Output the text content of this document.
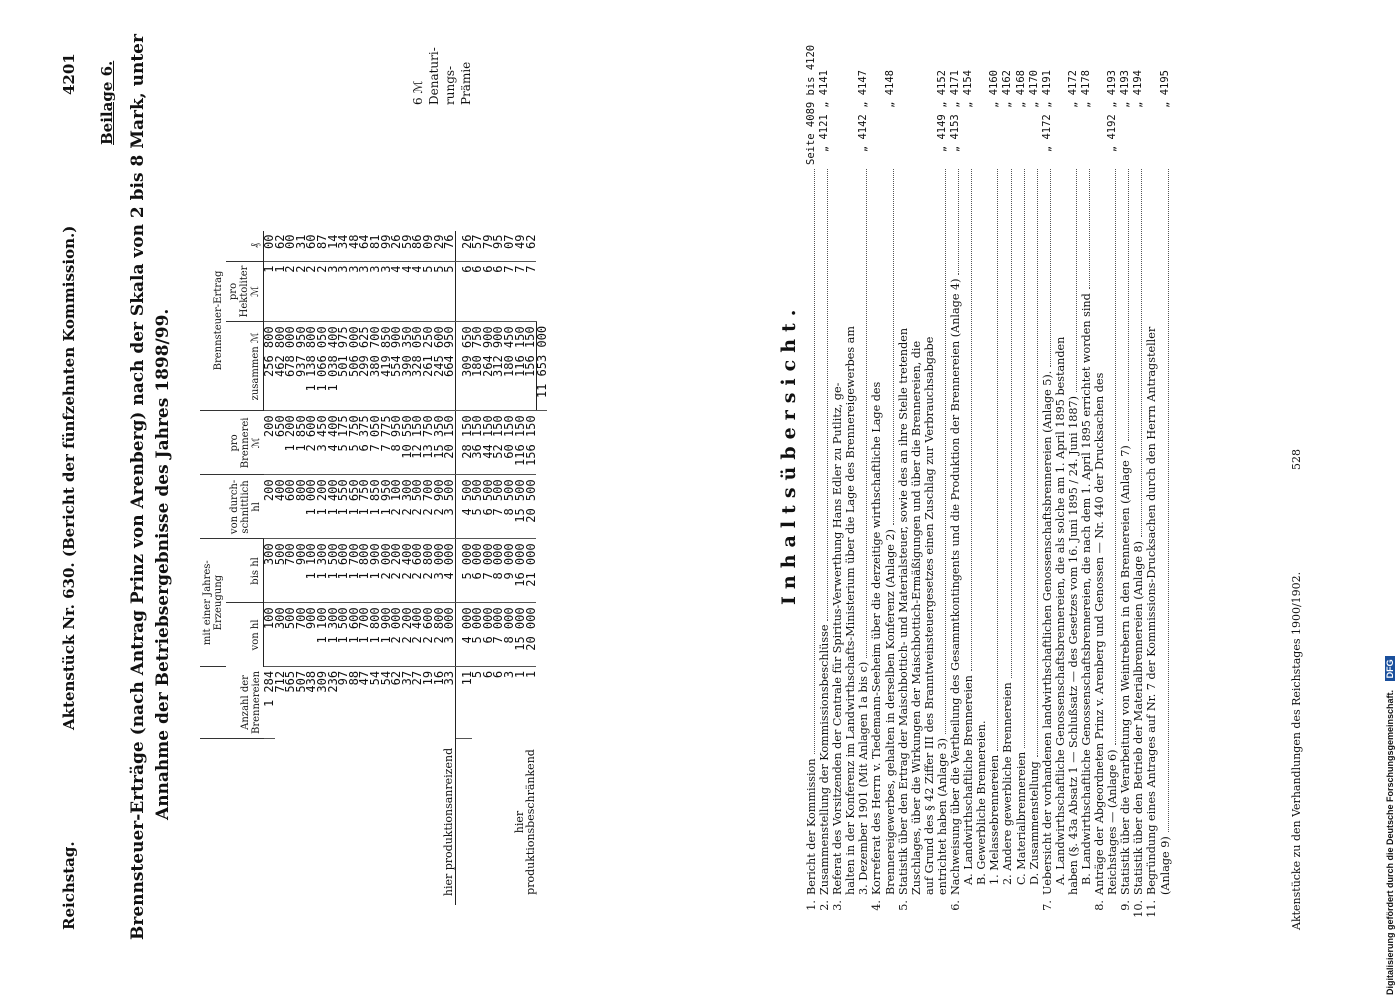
Reichstag.
Aktenstück Nr. 630. (Bericht der fünfzehnten Kommission.)
4201 Beilage 6. Brennsteuer-Erträge (nach Antrag Prinz von Arenberg) nach der Skala von 2 bis 8 Mark, unter Annahme der Betriebsergebnisse des Jahres 1898/99.
		Anzahl der Brennereien	mit einer Jahres-Erzeugung		von durch-schnittlich hl	pro Brennerei ℳ	Brennsteuer-Ertrag		
		von hl	bis hl			zusammen ℳ	pro Hektoliter ℳ	₰
hier produktionsanreizend	1 284	100	300	200	200	256 800	1	00
	712	300	500	400	650	462 800	1	62
	565	500	700	600	1 200	678 000	2	00
	507	700	900	800	1 850	937 950	2	31
	438	900	1 100	1 000	2 600	1 138 800	2	60
	309	1 100	1 300	1 200	3 450	1 066 050	2	87
	236	1 300	1 500	1 400	4 400	1 038 400	3	14
	97	1 500	1 600	1 550	5 175	501 975	3	34
	88	1 600	1 700	1 650	5 750	506 000	3	48
	47	1 700	1 800	1 750	6 375	299 625	3	64
	54	1 800	1 900	1 850	7 050	380 700	3	81
	54	1 900	2 000	1 950	7 775	419 850	3	99
	62	2 000	2 200	2 100	8 950	554 900	4	26
	37	2 200	2 400	2 300	10 550	390 350	4	59
	27	2 400	2 600	2 500	12 150	328 050	4	86
	19	2 600	2 800	2 700	13 750	261 250	5	09
	16	2 800	3 000	2 900	15 350	245 600	5	29
	33	3 000	4 000	3 500	20 150	664 950	5	76
hier produktionsbeschränkend	11	4 000	5 000	4 500	28 150	309 650	6	26
	5	5 000	6 000	5 500	36 150	180 750	6	57
	6	6 000	7 000	6 500	44 150	264 900	6	79
	6	7 000	8 000	7 500	52 150	312 900	6	95
	3	8 000	9 000	8 500	60 150	180 450	7	07
	1	15 000	16 000	15 500	116 150	116 150	7	49
	1	20 000	21 000	20 500	156 150	156 150	7	62
						11 653 000		
6 ℳ Denaturi- rungs- Prämie
Inhaltsübersicht.
1.
Bericht der Kommission
Seite 4089 bis 4120
2.
Zusammenstellung der Kommissionsbeschlüsse
„ 4121 „ 4141
3.
Referat des Vorsitzenden der Centrale für Spiritus-Verwerthung Hans Edler zu Putlitz, ge- halten in der Konferenz im Landwirthschafts-Ministerium über die Lage des Brennereigewerbes am 3. Dezember 1901 (Mit Anlagen 1a bis c)
„ 4142 „ 4147
4.
Korreferat des Herrn v. Tiedemann-Seeheim über die derzeitige wirthschaftliche Lage des Brennereigewerbes, gehalten in derselben Konferenz (Anlage 2)
„ 4148
5.
Statistik über den Ertrag der Maischbottich- und Materialsteuer, sowie des an ihre Stelle tretenden Zuschlages, über die Wirkungen der Maischbottich-Ermäßigungen und über die Brennereien, die auf Grund des § 42 Ziffer III des Branntweinsteuergesetzes einen Zuschlag zur Verbrauchsabgabe entrichtet haben (Anlage 3)
„ 4149 „ 4152
6.
Nachweisung über die Vertheilung des Gesammtkontingents und die Produktion der Brennereien (Anlage 4)
„ 4153 „ 4171
A. Landwirthschaftliche Brennereien
„ 4154
B. Gewerbliche Brennereien. 1. Melassebrennereien
„ 4160
2. Andere gewerbliche Brennereien
„ 4162
C. Materialbrennereien
„ 4168
D. Zusammenstellung
„ 4170
7.
Uebersicht der vorhandenen landwirthschaftlichen Genossenschaftsbrennereien (Anlage 5).
„ 4172 „ 4191
A. Landwirthschaftliche Genossenschaftsbrennereien, die als solche am 1. April 1895 bestanden haben (§. 43a Absatz 1 — Schlußsatz — des Gesetzes vom 16. Juni 1895 / 24. Juni 1887)
„ 4172
B. Landwirthschaftliche Genossenschaftsbrennereien, die nach dem 1. April 1895 errichtet worden sind
„ 4178
8.
Anträge der Abgeordneten Prinz v. Arenberg und Genossen — Nr. 440 der Drucksachen des Reichstages — (Anlage 6)
„ 4192 „ 4193
9.
Statistik über die Verarbeitung von Weintrebern in den Brennereien (Anlage 7)
„ 4193
10.
Statistik über den Betrieb der Materialbrennereien (Anlage 8)
„ 4194
11.
Begründung eines Antrages auf Nr. 7 der Kommissions-Drucksachen durch den Herrn Antragsteller (Anlage 9)
„ 4195
Aktenstücke zu den Verhandlungen des Reichstages 1900/1902.
528
Digitalisierung gefördert durch die Deutsche Forschungsgemeinschaft. DFG
